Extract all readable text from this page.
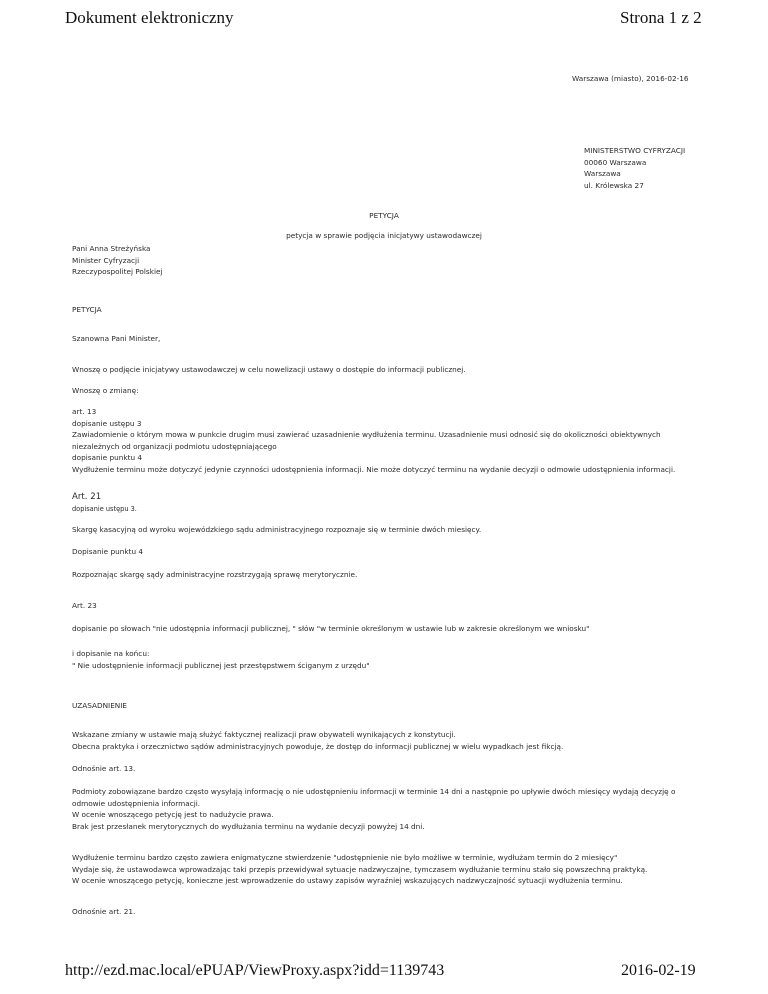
Dokument elektroniczny	Strona 1 z 2
Warszawa (miasto), 2016-02-16
MINISTERSTWO CYFRYZACJI
00060 Warszawa
Warszawa
ul. Królewska 27
PETYCJA
petycja w sprawie podjęcia inicjatywy ustawodawczej
Pani Anna Streżyńska
Minister Cyfryzacji
Rzeczypospolitej Polskiej
PETYCJA
Szanowna Pani Minister,
Wnoszę o podjęcie inicjatywy ustawodawczej w celu nowelizacji ustawy o dostępie do informacji publicznej.
Wnoszę o zmianę:
art. 13
dopisanie ustępu 3
Zawiadomienie o którym mowa w punkcie drugim musi zawierać uzasadnienie wydłużenia terminu. Uzasadnienie musi odnosić się do okoliczności obiektywnych
niezależnych od organizacji podmiotu udostępniającego
dopisanie punktu 4
Wydłużenie terminu może dotyczyć jedynie czynności udostępnienia informacji. Nie może dotyczyć terminu na wydanie decyzji o odmowie udostępnienia informacji.
Art. 21
dopisanie ustępu 3.
Skargę kasacyjną od wyroku wojewódzkiego sądu administracyjnego rozpoznaje się w terminie dwóch miesięcy.
Dopisanie punktu 4
Rozpoznając skargę sądy administracyjne rozstrzygają sprawę merytorycznie.
Art. 23
dopisanie po słowach "nie udostępnia informacji publicznej, " słów "w terminie określonym w ustawie lub w zakresie określonym we wniosku"
i dopisanie na końcu:
" Nie udostępnienie informacji publicznej jest przestępstwem ściganym z urzędu"
UZASADNIENIE
Wskazane zmiany w ustawie mają służyć faktycznej realizacji praw obywateli wynikających z konstytucji.
Obecna praktyka i orzecznictwo sądów administracyjnych powoduje, że dostęp do informacji publicznej w wielu wypadkach jest fikcją.
Odnośnie art. 13.
Podmioty zobowiązane bardzo często wysyłają informację o nie udostępnieniu informacji w terminie 14 dni a następnie po upływie dwóch miesięcy wydają decyzję o
odmowie udostępnienia informacji.
W ocenie wnoszącego petycję jest to nadużycie prawa.
Brak jest przesłanek merytorycznych do wydłużania terminu na wydanie decyzji powyżej 14 dni.
Wydłużenie terminu bardzo często zawiera enigmatyczne stwierdzenie "udostępnienie nie było możliwe w terminie, wydłużam termin do 2 miesięcy"
Wydaje się, że ustawodawca wprowadzając taki przepis przewidywał sytuacje nadzwyczajne, tymczasem wydłużanie terminu stało się powszechną praktyką.
W ocenie wnoszącego petycję, konieczne jest wprowadzenie do ustawy zapisów wyraźniej wskazujących nadzwyczajność sytuacji wydłużenia terminu.
Odnośnie art. 21.
http://ezd.mac.local/ePUAP/ViewProxy.aspx?idd=1139743	2016-02-19
